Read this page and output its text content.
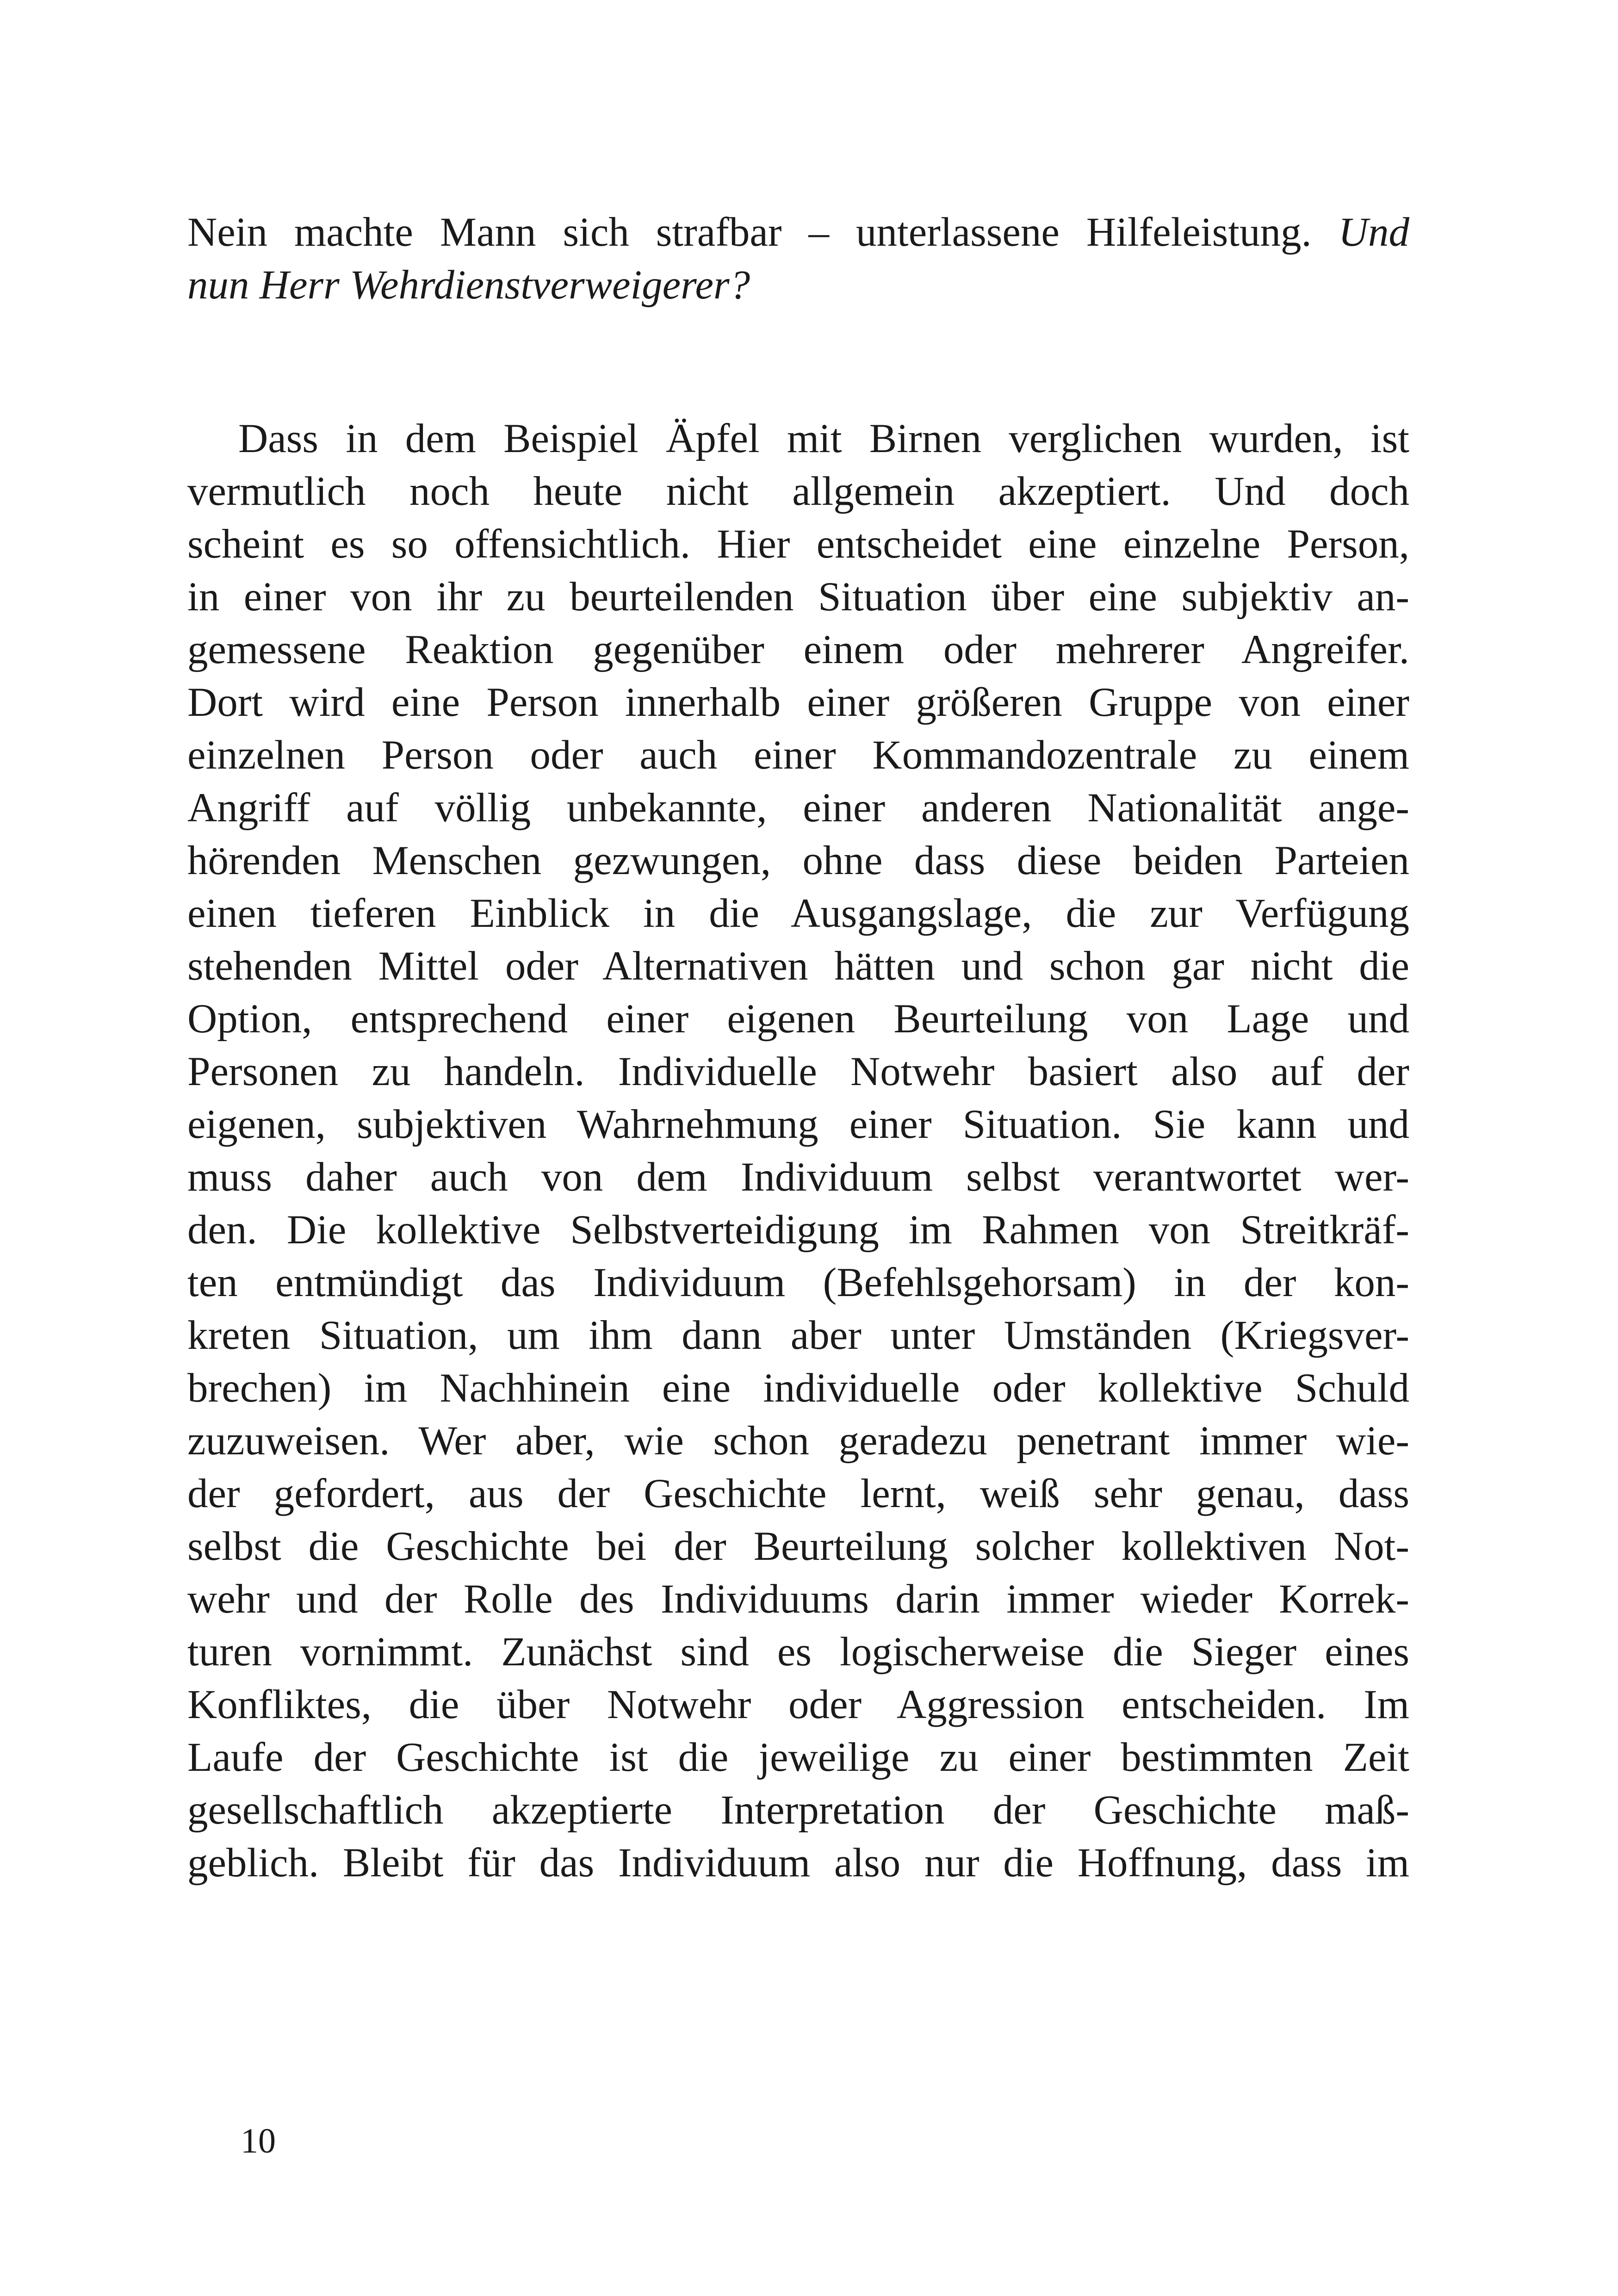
Nein machte Mann sich strafbar – unterlassene Hilfeleistung. Und
nun Herr Wehrdienstverweigerer?
Dass in dem Beispiel Äpfel mit Birnen verglichen wurden, ist
vermutlich noch heute nicht allgemein akzeptiert. Und doch
scheint es so offensichtlich. Hier entscheidet eine einzelne Person,
in einer von ihr zu beurteilenden Situation über eine subjektiv an-
gemessene Reaktion gegenüber einem oder mehrerer Angreifer.
Dort wird eine Person innerhalb einer größeren Gruppe von einer
einzelnen Person oder auch einer Kommandozentrale zu einem
Angriff auf völlig unbekannte, einer anderen Nationalität ange-
hörenden Menschen gezwungen, ohne dass diese beiden Parteien
einen tieferen Einblick in die Ausgangslage, die zur Verfügung
stehenden Mittel oder Alternativen hätten und schon gar nicht die
Option, entsprechend einer eigenen Beurteilung von Lage und
Personen zu handeln. Individuelle Notwehr basiert also auf der
eigenen, subjektiven Wahrnehmung einer Situation. Sie kann und
muss daher auch von dem Individuum selbst verantwortet wer-
den. Die kollektive Selbstverteidigung im Rahmen von Streitkräf-
ten entmündigt das Individuum (Befehlsgehorsam) in der kon-
kreten Situation, um ihm dann aber unter Umständen (Kriegsver-
brechen) im Nachhinein eine individuelle oder kollektive Schuld
zuzuweisen. Wer aber, wie schon geradezu penetrant immer wie-
der gefordert, aus der Geschichte lernt, weiß sehr genau, dass
selbst die Geschichte bei der Beurteilung solcher kollektiven Not-
wehr und der Rolle des Individuums darin immer wieder Korrek-
turen vornimmt. Zunächst sind es logischerweise die Sieger eines
Konfliktes, die über Notwehr oder Aggression entscheiden. Im
Laufe der Geschichte ist die jeweilige zu einer bestimmten Zeit
gesellschaftlich akzeptierte Interpretation der Geschichte maß-
geblich. Bleibt für das Individuum also nur die Hoffnung, dass im
10
